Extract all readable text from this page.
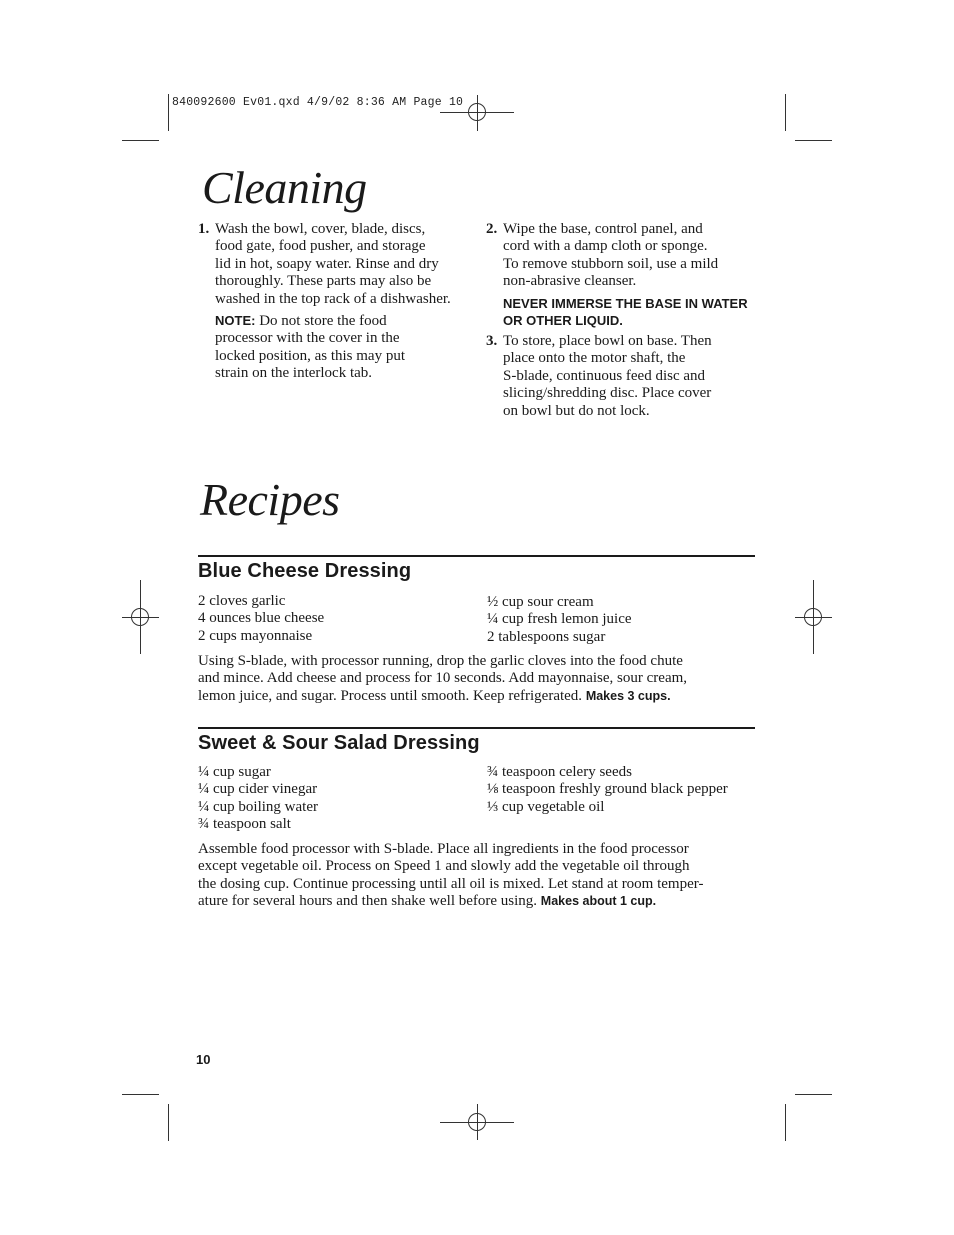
840092600 Ev01.qxd 4/9/02 8:36 AM Page 10
Cleaning
1. Wash the bowl, cover, blade, discs,
food gate, food pusher, and storage
lid in hot, soapy water. Rinse and dry
thoroughly. These parts may also be
washed in the top rack of a dishwasher.
NOTE: Do not store the food
processor with the cover in the
locked position, as this may put
strain on the interlock tab.
2. Wipe the base, control panel, and
cord with a damp cloth or sponge.
To remove stubborn soil, use a mild
non-abrasive cleanser.
NEVER IMMERSE THE BASE IN WATER
OR OTHER LIQUID.
3. To store, place bowl on base. Then
place onto the motor shaft, the
S-blade, continuous feed disc and
slicing/shredding disc. Place cover
on bowl but do not lock.
Recipes
Blue Cheese Dressing
2 cloves garlic
4 ounces blue cheese
2 cups mayonnaise
½ cup sour cream
¼ cup fresh lemon juice
2 tablespoons sugar
Using S-blade, with processor running, drop the garlic cloves into the food chute
and mince. Add cheese and process for 10 seconds. Add mayonnaise, sour cream,
lemon juice, and sugar. Process until smooth. Keep refrigerated. Makes 3 cups.
Sweet & Sour Salad Dressing
¼ cup sugar
¼ cup cider vinegar
¼ cup boiling water
¾ teaspoon salt
¾ teaspoon celery seeds
⅛ teaspoon freshly ground black pepper
⅓ cup vegetable oil
Assemble food processor with S-blade. Place all ingredients in the food processor
except vegetable oil. Process on Speed 1 and slowly add the vegetable oil through
the dosing cup. Continue processing until all oil is mixed. Let stand at room temper-
ature for several hours and then shake well before using. Makes about 1 cup.
10
